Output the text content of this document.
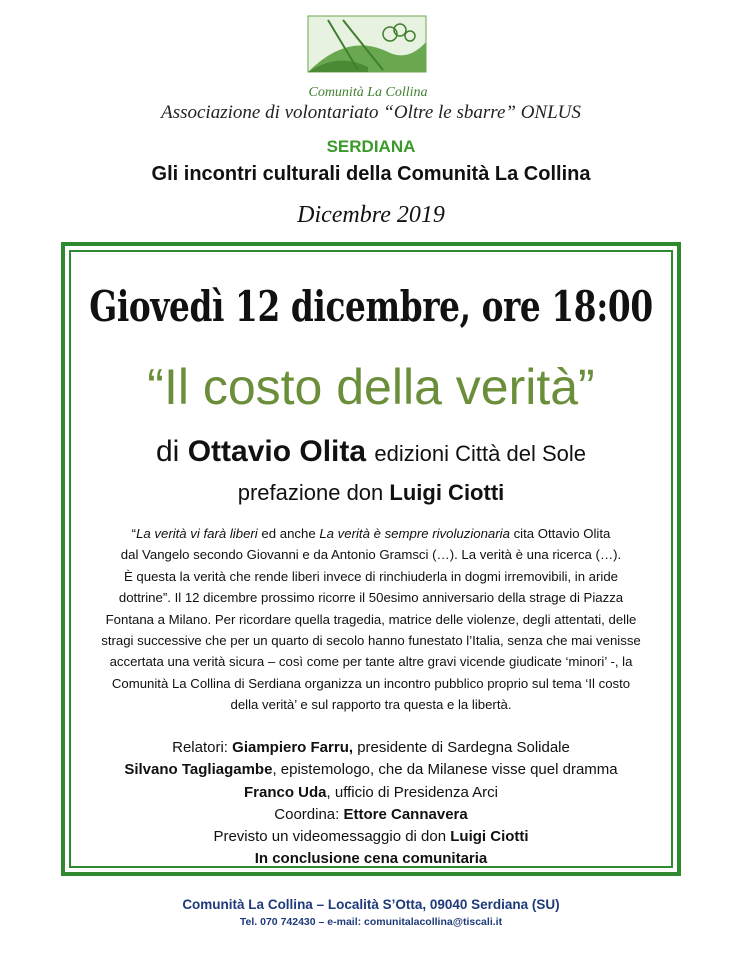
Comunità La Collina
Associazione di volontariato “Oltre le sbarre” ONLUS
SERDIANA
Gli incontri culturali della Comunità La Collina
Dicembre 2019
Giovedì 12 dicembre, ore 18:00
“Il costo della verità”
di Ottavio Olita edizioni Città del Sole
prefazione don Luigi Ciotti
“La verità vi farà liberi ed anche La verità è sempre rivoluzionaria cita Ottavio Olita
dal Vangelo secondo Giovanni e da Antonio Gramsci (…). La verità è una ricerca (…).
È questa la verità che rende liberi invece di rinchiuderla in dogmi irremovibili, in aride
dottrine”. Il 12 dicembre prossimo ricorre il 50esimo anniversario della strage di Piazza
Fontana a Milano. Per ricordare quella tragedia, matrice delle violenze, degli attentati, delle
stragi successive che per un quarto di secolo hanno funestato l’Italia, senza che mai venisse
accertata una verità sicura – così come per tante altre gravi vicende giudicate ‘minori’ -, la
Comunità La Collina di Serdiana organizza un incontro pubblico proprio sul tema ‘Il costo
della verità’ e sul rapporto tra questa e la libertà.
Relatori: Giampiero Farru, presidente di Sardegna Solidale
Silvano Tagliagambe, epistemologo, che da Milanese visse quel dramma
Franco Uda, ufficio di Presidenza Arci
Coordina: Ettore Cannavera
Previsto un videomessaggio di don Luigi Ciotti
In conclusione cena comunitaria
Comunità La Collina – Località S’Otta, 09040 Serdiana (SU)
Tel. 070 742430 – e-mail: comunitalacollina@tiscali.it
